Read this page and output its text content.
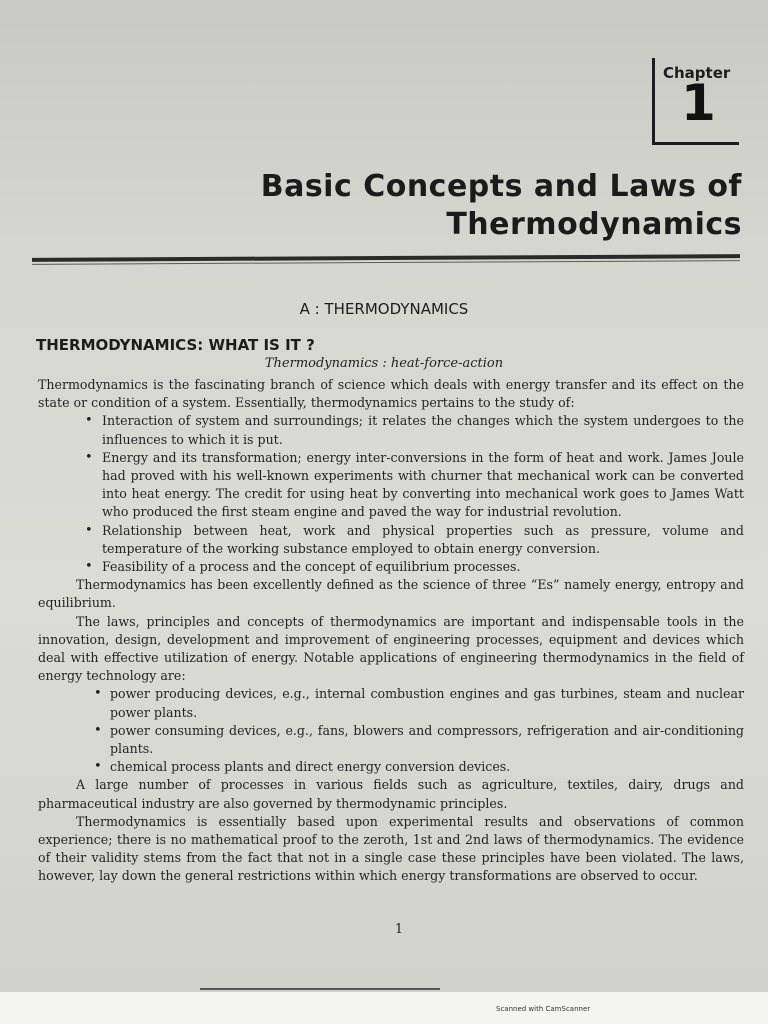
Chapter
1
Basic Concepts and Laws of
Thermodynamics
A : THERMODYNAMICS
THERMODYNAMICS: WHAT IS IT ?
Thermodynamics : heat-force-action

Thermodynamics is the fascinating branch of science which deals with energy transfer and its effect on the state or condition of a system. Essentially, thermodynamics pertains to the study of:

• Interaction of system and surroundings; it relates the changes which the system undergoes to the influences to which it is put.
• Energy and its transformation; energy inter-conversions in the form of heat and work. James Joule had proved with his well-known experiments with churner that mechanical work can be converted into heat energy. The credit for using heat by converting into mechanical work goes to James Watt who produced the first steam engine and paved the way for industrial revolution.
• Relationship between heat, work and physical properties such as pressure, volume and temperature of the working substance employed to obtain energy conversion.
• Feasibility of a process and the concept of equilibrium processes.

Thermodynamics has been excellently defined as the science of three “Es” namely energy, entropy and equilibrium.

The laws, principles and concepts of thermodynamics are important and indispensable tools in the innovation, design, development and improvement of engineering processes, equipment and devices which deal with effective utilization of energy. Notable applications of engineering thermodynamics in the field of energy technology are:

• power producing devices, e.g., internal combustion engines and gas turbines, steam and nuclear power plants.
• power consuming devices, e.g., fans, blowers and compressors, refrigeration and air-conditioning plants.
• chemical process plants and direct energy conversion devices.

A large number of processes in various fields such as agriculture, textiles, dairy, drugs and pharmaceutical industry are also governed by thermodynamic principles.

Thermodynamics is essentially based upon experimental results and observations of common experience; there is no mathematical proof to the zeroth, 1st and 2nd laws of thermodynamics. The evidence of their validity stems from the fact that not in a single case these principles have been violated. The laws, however, lay down the general restrictions within which energy transformations are observed to occur.

1
Scanned with CamScanner
